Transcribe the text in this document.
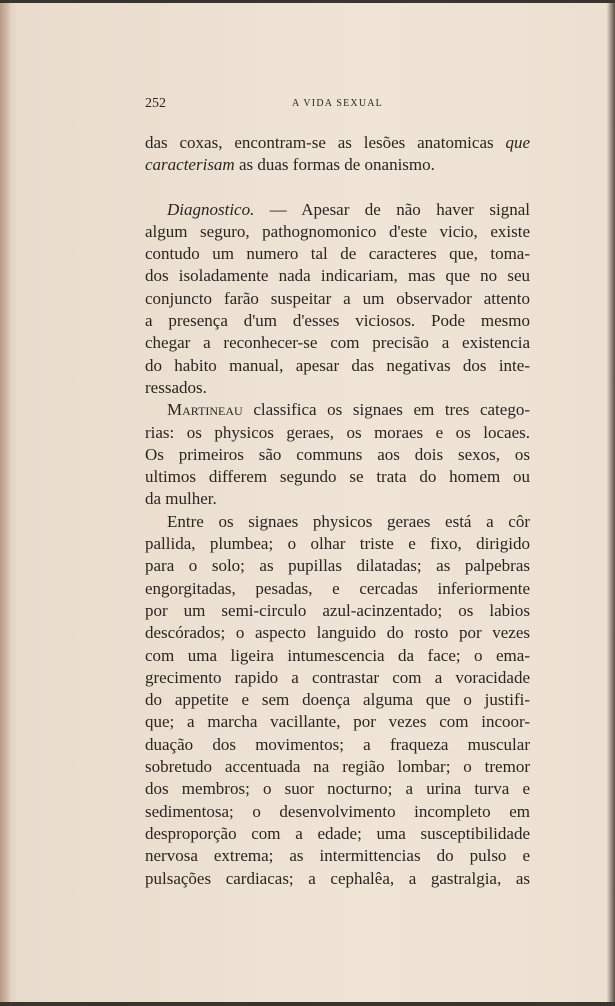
252	A VIDA SEXUAL
das coxas, encontram-se as lesões anatomicas que
caracterisam as duas formas de onanismo.
Diagnostico. — Apesar de não haver signal
algum seguro, pathognomonico d'este vicio, existe
contudo um numero tal de caracteres que, toma-
dos isoladamente nada indicariam, mas que no seu
conjuncto farão suspeitar a um observador attento
a presença d'um d'esses viciosos. Pode mesmo
chegar a reconhecer-se com precisão a existencia
do habito manual, apesar das negativas dos inte-
ressados.
Martineau classifica os signaes em tres catego-
rias: os physicos geraes, os moraes e os locaes.
Os primeiros são communs aos dois sexos, os
ultimos differem segundo se trata do homem ou
da mulher.
Entre os signaes physicos geraes está a côr
pallida, plumbea; o olhar triste e fixo, dirigido
para o solo; as pupillas dilatadas; as palpebras
engorgitadas, pesadas, e cercadas inferiormente
por um semi-circulo azul-acinzentado; os labios
descórados; o aspecto languido do rosto por vezes
com uma ligeira intumescencia da face; o ema-
grecimento rapido a contrastar com a voracidade
do appetite e sem doença alguma que o justifi-
que; a marcha vacillante, por vezes com incoor-
duação dos movimentos; a fraqueza muscular
sobretudo accentuada na região lombar; o tremor
dos membros; o suor nocturno; a urina turva e
sedimentosa; o desenvolvimento incompleto em
desproporção com a edade; uma susceptibilidade
nervosa extrema; as intermittencias do pulso e
pulsações cardiacas; a cephalêa, a gastralgia, as
